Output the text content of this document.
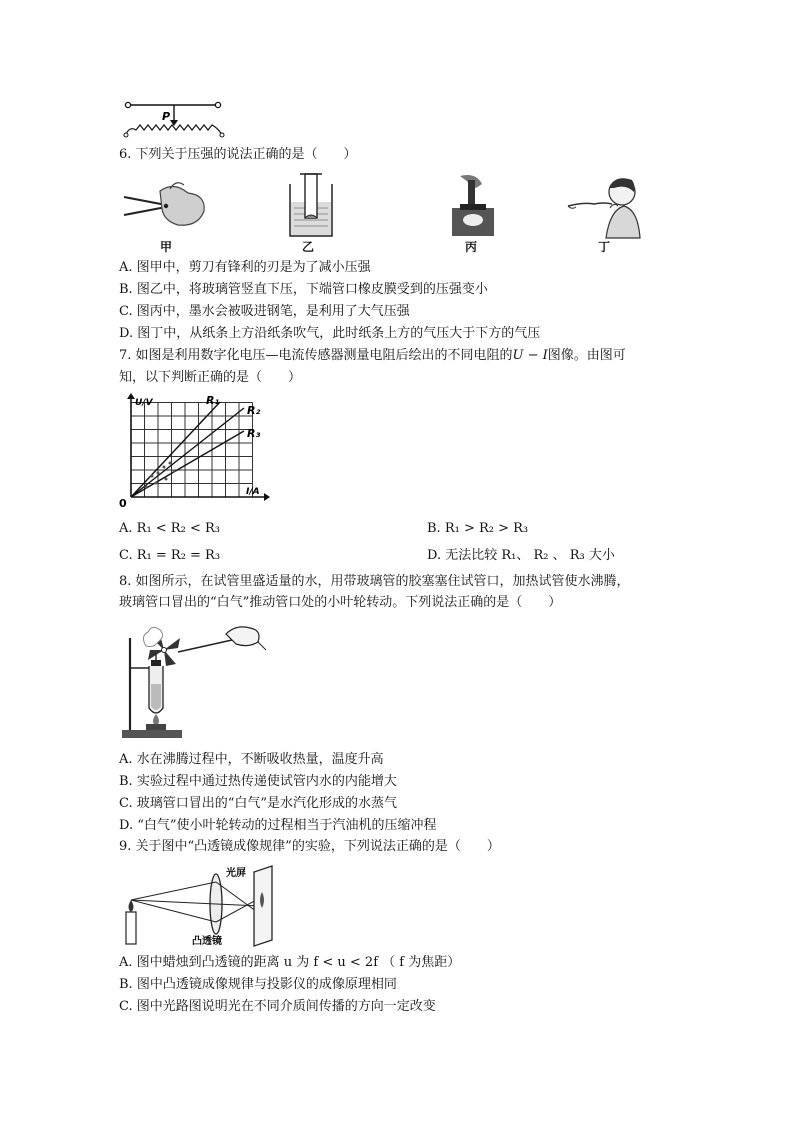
P
6. 下列关于压强的说法正确的是（　　）
甲	乙	丙	丁
A. 图甲中，剪刀有锋利的刃是为了减小压强
B. 图乙中，将玻璃管竖直下压，下端管口橡皮膜受到的压强变小
C. 图丙中，墨水会被吸进钢笔，是利用了大气压强
D. 图丁中，从纸条上方沿纸条吹气，此时纸条上方的气压大于下方的气压
7. 如图是利用数字化电压—电流传感器测量电阻后绘出的不同电阻的U − I图像。由图可
知，以下判断正确的是（　　）
U/V
I/A
0
R₁
R₂
R₃
A. R₁ < R₂ < R₃	B. R₁ > R₂ > R₃
C. R₁ = R₂ = R₃	D. 无法比较 R₁、 R₂ 、 R₃ 大小
8. 如图所示，在试管里盛适量的水，用带玻璃管的胶塞塞住试管口，加热试管使水沸腾，
玻璃管口冒出的“白气”推动管口处的小叶轮转动。下列说法正确的是（　　）
A. 水在沸腾过程中，不断吸收热量，温度升高
B. 实验过程中通过热传递使试管内水的内能增大
C. 玻璃管口冒出的“白气”是水汽化形成的水蒸气
D. “白气”使小叶轮转动的过程相当于汽油机的压缩冲程
9. 关于图中“凸透镜成像规律”的实验，下列说法正确的是（　　）
光屏
凸透镜
A. 图中蜡烛到凸透镜的距离 u 为 f < u < 2f （ f 为焦距）
B. 图中凸透镜成像规律与投影仪的成像原理相同
C. 图中光路图说明光在不同介质间传播的方向一定改变
